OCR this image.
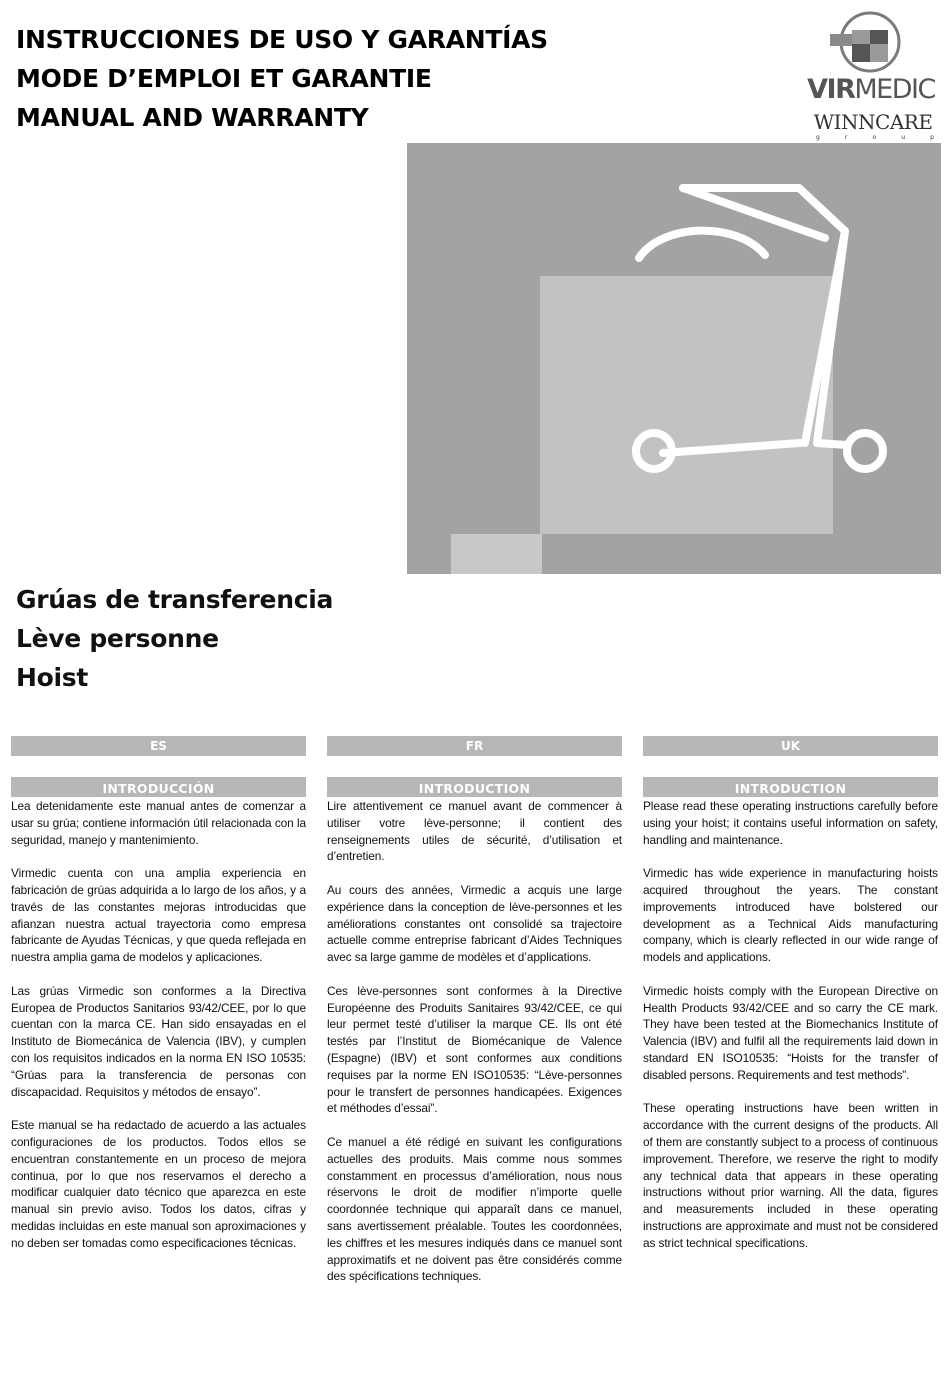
INSTRUCCIONES DE USO Y GARANTÍAS
MODE D’EMPLOI ET GARANTIE
MANUAL AND WARRANTY
VIRMEDIC
WINNCARE
g	r	o	u	p
Grúas de transferencia
Lève personne
Hoist
ES
INTRODUCCIÓN

Lea detenidamente este manual antes de comenzar a usar su grúa; contiene información útil relacionada con la seguridad, manejo y mantenimiento.

Virmedic cuenta con una amplia experiencia en fabricación de grúas adquirida a lo largo de los años, y a través de las constantes mejoras introducidas que afianzan nuestra actual trayectoria como empresa fabricante de Ayudas Técnicas, y que queda reflejada en nuestra amplia gama de modelos y aplicaciones.

Las grúas Virmedic son conformes a la Directiva Europea de Productos Sanitarios 93/42/CEE, por lo que cuentan con la marca CE. Han sido ensayadas en el Instituto de Biomecánica de Valencia (IBV), y cumplen con los requisitos indicados en la norma EN ISO 10535: “Grúas para la transferencia de personas con discapacidad. Requisitos y métodos de ensayo”.

Este manual se ha redactado de acuerdo a las actuales configuraciones de los productos. Todos ellos se encuentran constantemente en un proceso de mejora continua, por lo que nos reservamos el derecho a modificar cualquier dato técnico que aparezca en este manual sin previo aviso. Todos los datos, cifras y medidas incluidas en este manual son aproximaciones y no deben ser tomadas como especificaciones técnicas.

FR
INTRODUCTION

Lire attentivement ce manuel avant de commencer à utiliser votre lève-personne; il contient des renseignements utiles de sécurité, d’utilisation et d’entretien.

Au cours des années, Virmedic a acquis une large expérience dans la conception de lève-personnes et les améliorations constantes ont consolidé sa trajectoire actuelle comme entreprise fabricant d’Aides Techniques avec sa large gamme de modèles et d’applications.

Ces lève-personnes sont conformes à la Directive Européenne des Produits Sanitaires 93/42/CEE, ce qui leur permet testé d’utiliser la marque CE. Ils ont été testés par l’Institut de Biomécanique de Valence (Espagne) (IBV) et sont conformes aux conditions requises par la norme EN ISO10535: “Lève-personnes pour le transfert de personnes handicapées. Exigences et méthodes d’essai”.

Ce manuel a été rédigé en suivant les configurations actuelles des produits. Mais comme nous sommes constamment en processus d’amélioration, nous nous réservons le droit de modifier n’importe quelle coordonnée technique qui apparaît dans ce manuel, sans avertissement préalable. Toutes les coordonnées, les chiffres et les mesures indiqués dans ce manuel sont approximatifs et ne doivent pas être considérés comme des spécifications techniques.

UK
INTRODUCTION

Please read these operating instructions carefully before using your hoist; it contains useful information on safety, handling and maintenance.

Virmedic has wide experience in manufacturing hoists acquired throughout the years. The constant improvements introduced have bolstered our development as a Technical Aids manufacturing company, which is clearly reflected in our wide range of models and applications.

Virmedic hoists comply with the European Directive on Health Products 93/42/CEE and so carry the CE mark. They have been tested at the Biomechanics Institute of Valencia (IBV) and fulfil all the requirements laid down in standard EN ISO10535: “Hoists for the transfer of disabled persons. Requirements and test methods”.

These operating instructions have been written in accordance with the current designs of the products. All of them are constantly subject to a process of continuous improvement. Therefore, we reserve the right to modify any technical data that appears in these operating instructions without prior warning. All the data, figures and measurements included in these operating instructions are approximate and must not be considered as strict technical specifications.
